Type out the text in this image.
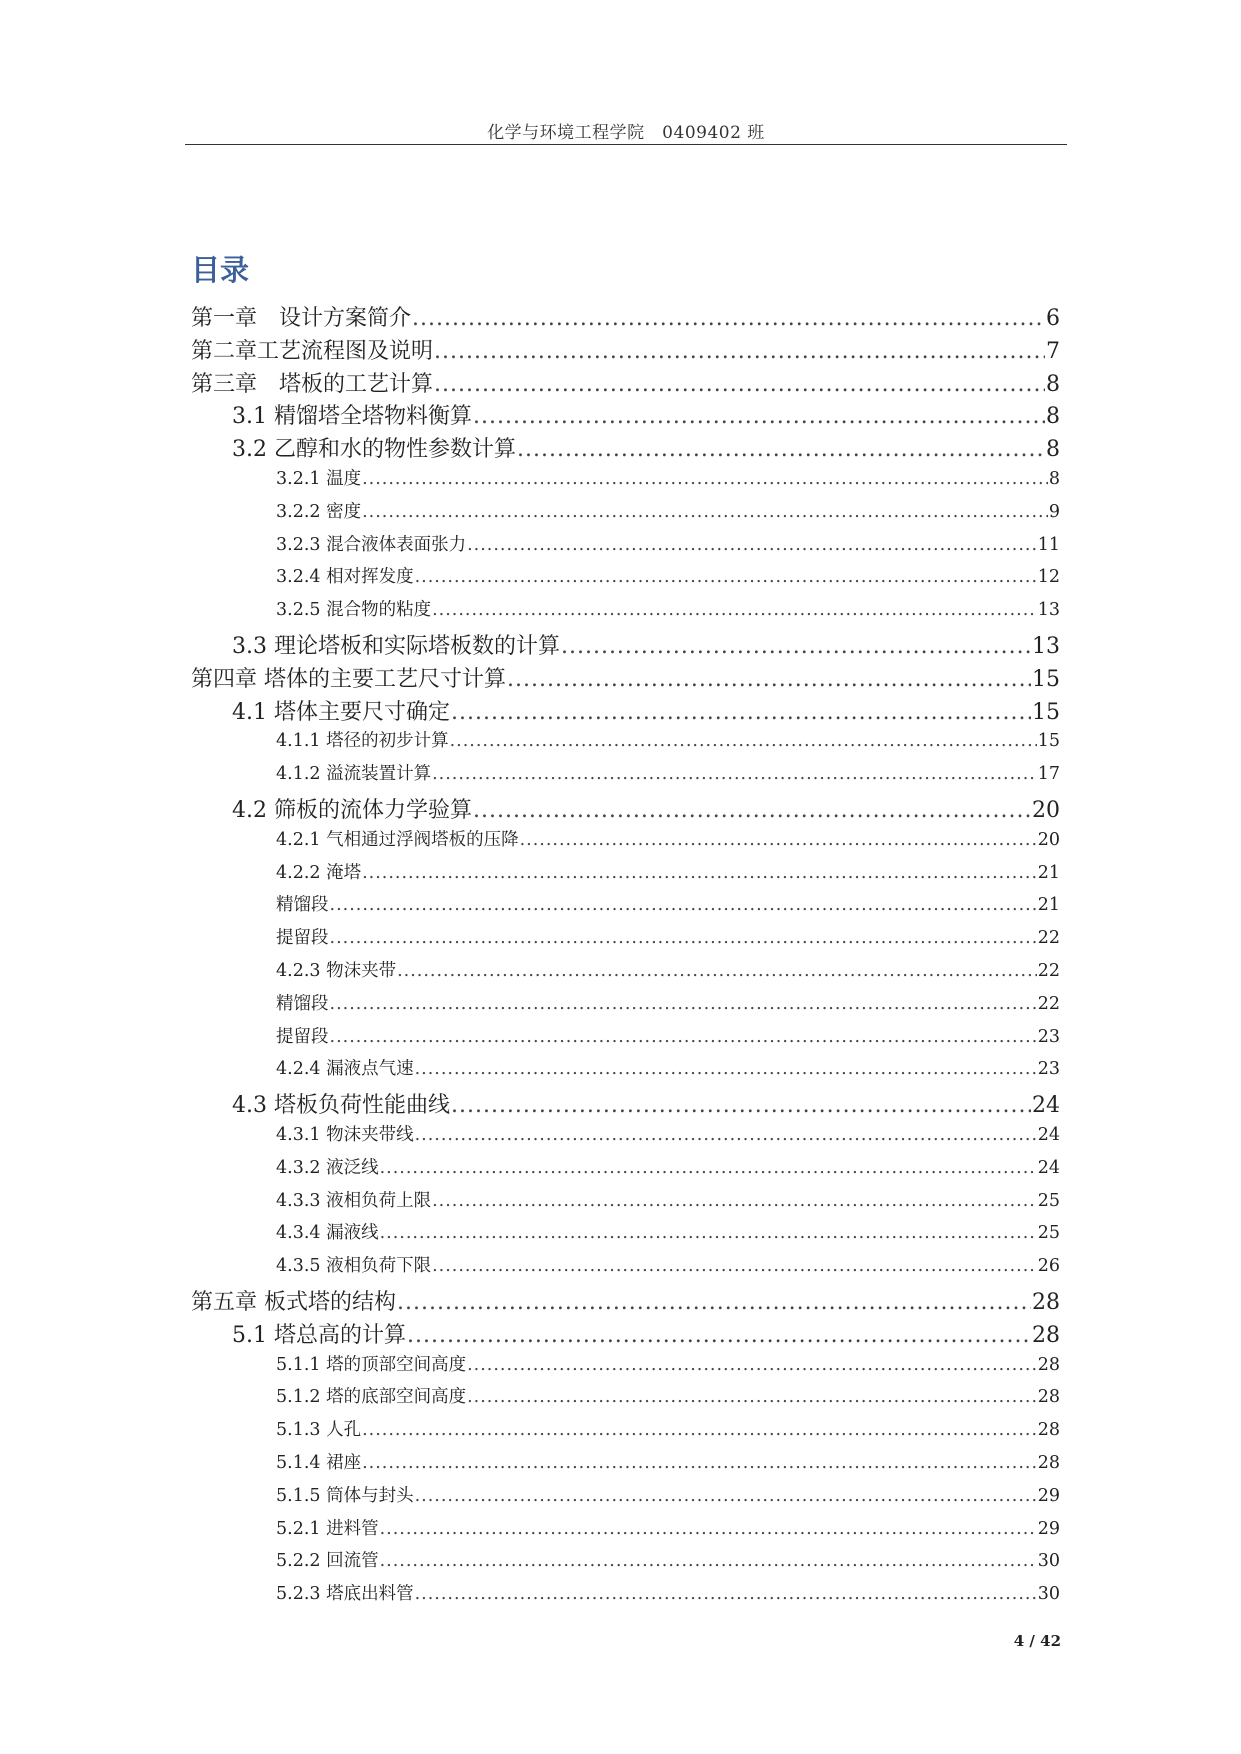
化学与环境工程学院　0409402 班
目录
第一章　设计方案简介 .....	6
第二章工艺流程图及说明 .....	7
第三章　塔板的工艺计算 .....	8
3.1 精馏塔全塔物料衡算 .....	8
3.2 乙醇和水的物性参数计算 .....	8
3.2.1 温度 .....	8
3.2.2 密度 .....	9
3.2.3 混合液体表面张力 .....	11
3.2.4 相对挥发度 .....	12
3.2.5 混合物的粘度 .....	13
3.3 理论塔板和实际塔板数的计算 .....	13
第四章 塔体的主要工艺尺寸计算 .....	15
4.1 塔体主要尺寸确定 .....	15
4.1.1 塔径的初步计算 .....	15
4.1.2 溢流装置计算 .....	17
4.2 筛板的流体力学验算 .....	20
4.2.1 气相通过浮阀塔板的压降 .....	20
4.2.2 淹塔 .....	21
精馏段 .....	21
提留段 .....	22
4.2.3 物沫夹带 .....	22
精馏段 .....	22
提留段 .....	23
4.2.4 漏液点气速 .....	23
4.3 塔板负荷性能曲线 .....	24
4.3.1 物沫夹带线 .....	24
4.3.2 液泛线 .....	24
4.3.3 液相负荷上限 .....	25
4.3.4 漏液线 .....	25
4.3.5 液相负荷下限 .....	26
第五章 板式塔的结构 .....	28
5.1 塔总高的计算 .....	28
5.1.1 塔的顶部空间高度 .....	28
5.1.2 塔的底部空间高度 .....	28
5.1.3 人孔 .....	28
5.1.4 裙座 .....	28
5.1.5 筒体与封头 .....	29
5.2.1 进料管 .....	29
5.2.2 回流管 .....	30
5.2.3 塔底出料管 .....	30
4 / 42
